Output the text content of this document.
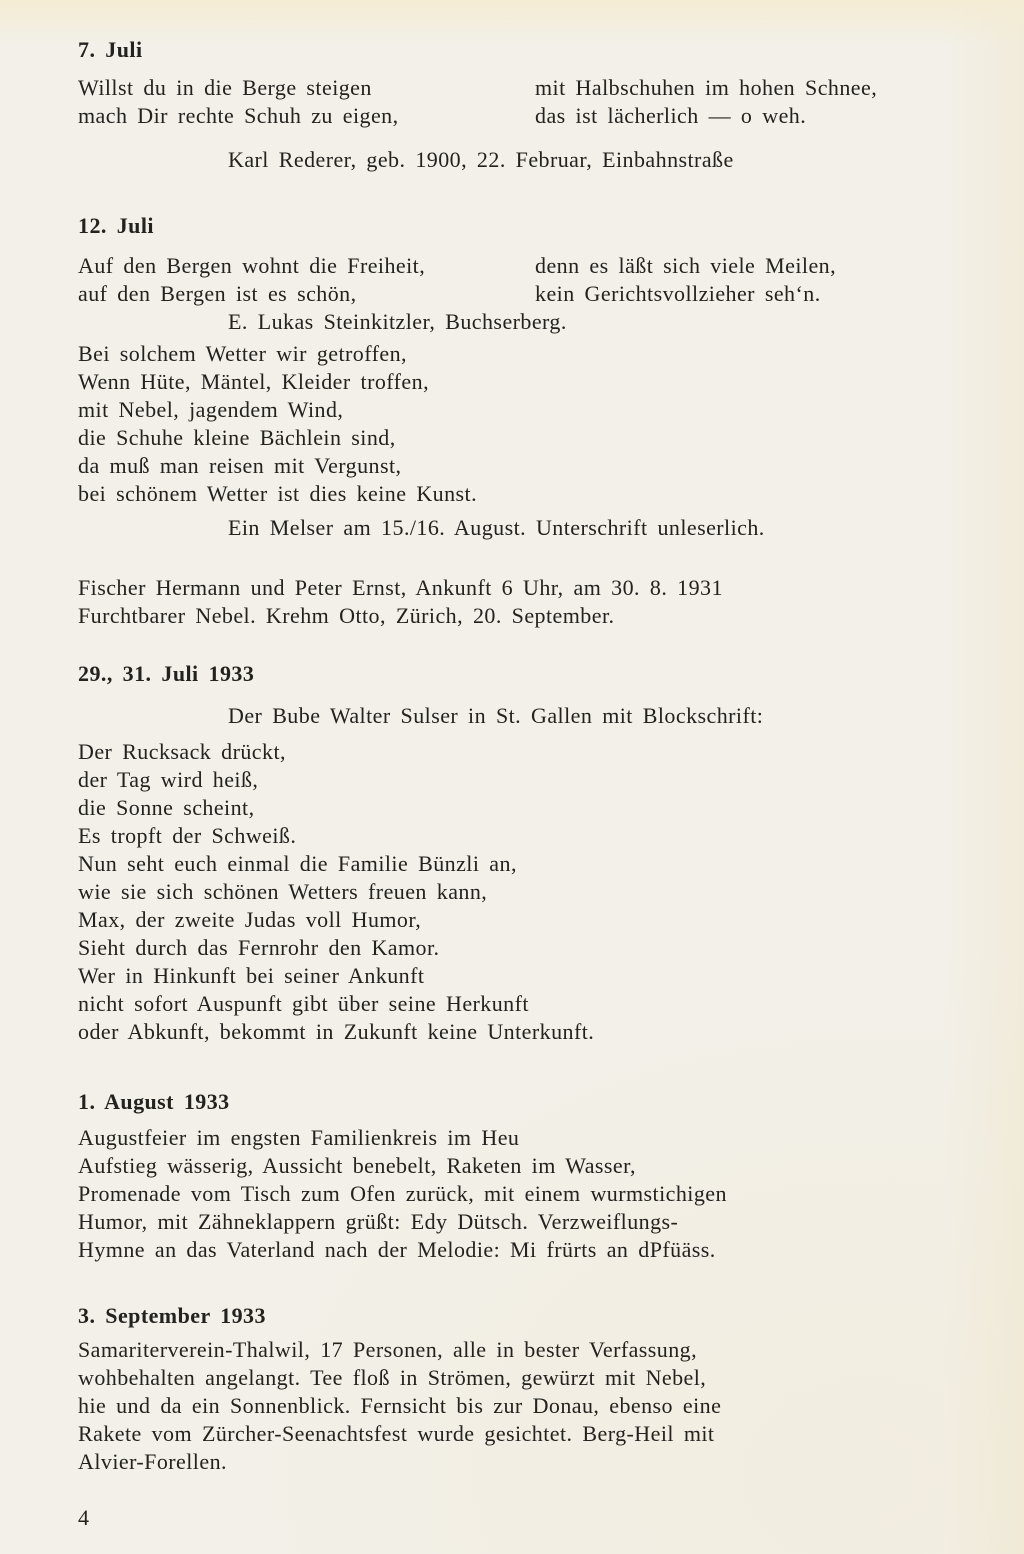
7. Juli
Willst du in die Berge steigen
mach Dir rechte Schuh zu eigen,
mit Halbschuhen im hohen Schnee,
das ist lächerlich — o weh.
Karl Rederer, geb. 1900, 22. Februar, Einbahnstraße
12. Juli
Auf den Bergen wohnt die Freiheit,
auf den Bergen ist es schön,
denn es läßt sich viele Meilen,
kein Gerichtsvollzieher seh‘n.
E. Lukas Steinkitzler, Buchserberg.
Bei solchem Wetter wir getroffen,
Wenn Hüte, Mäntel, Kleider troffen,
mit Nebel, jagendem Wind,
die Schuhe kleine Bächlein sind,
da muß man reisen mit Vergunst,
bei schönem Wetter ist dies keine Kunst.
Ein Melser am 15./16. August. Unterschrift unleserlich.
Fischer Hermann und Peter Ernst, Ankunft 6 Uhr, am 30. 8. 1931
Furchtbarer Nebel. Krehm Otto, Zürich, 20. September.
29., 31. Juli 1933
Der Bube Walter Sulser in St. Gallen mit Blockschrift:
Der Rucksack drückt,
der Tag wird heiß,
die Sonne scheint,
Es tropft der Schweiß.
Nun seht euch einmal die Familie Bünzli an,
wie sie sich schönen Wetters freuen kann,
Max, der zweite Judas voll Humor,
Sieht durch das Fernrohr den Kamor.
Wer in Hinkunft bei seiner Ankunft
nicht sofort Auspunft gibt über seine Herkunft
oder Abkunft, bekommt in Zukunft keine Unterkunft.
1. August 1933
Augustfeier im engsten Familienkreis im Heu
Aufstieg wässerig, Aussicht benebelt, Raketen im Wasser,
Promenade vom Tisch zum Ofen zurück, mit einem wurmstichigen
Humor, mit Zähneklappern grüßt: Edy Dütsch. Verzweiflungs-
Hymne an das Vaterland nach der Melodie: Mi frürts an dPfüäss.
3. September 1933
Samariterverein-Thalwil, 17 Personen, alle in bester Verfassung,
wohbehalten angelangt. Tee floß in Strömen, gewürzt mit Nebel,
hie und da ein Sonnenblick. Fernsicht bis zur Donau, ebenso eine
Rakete vom Zürcher-Seenachtsfest wurde gesichtet. Berg-Heil mit
Alvier-Forellen.
4
